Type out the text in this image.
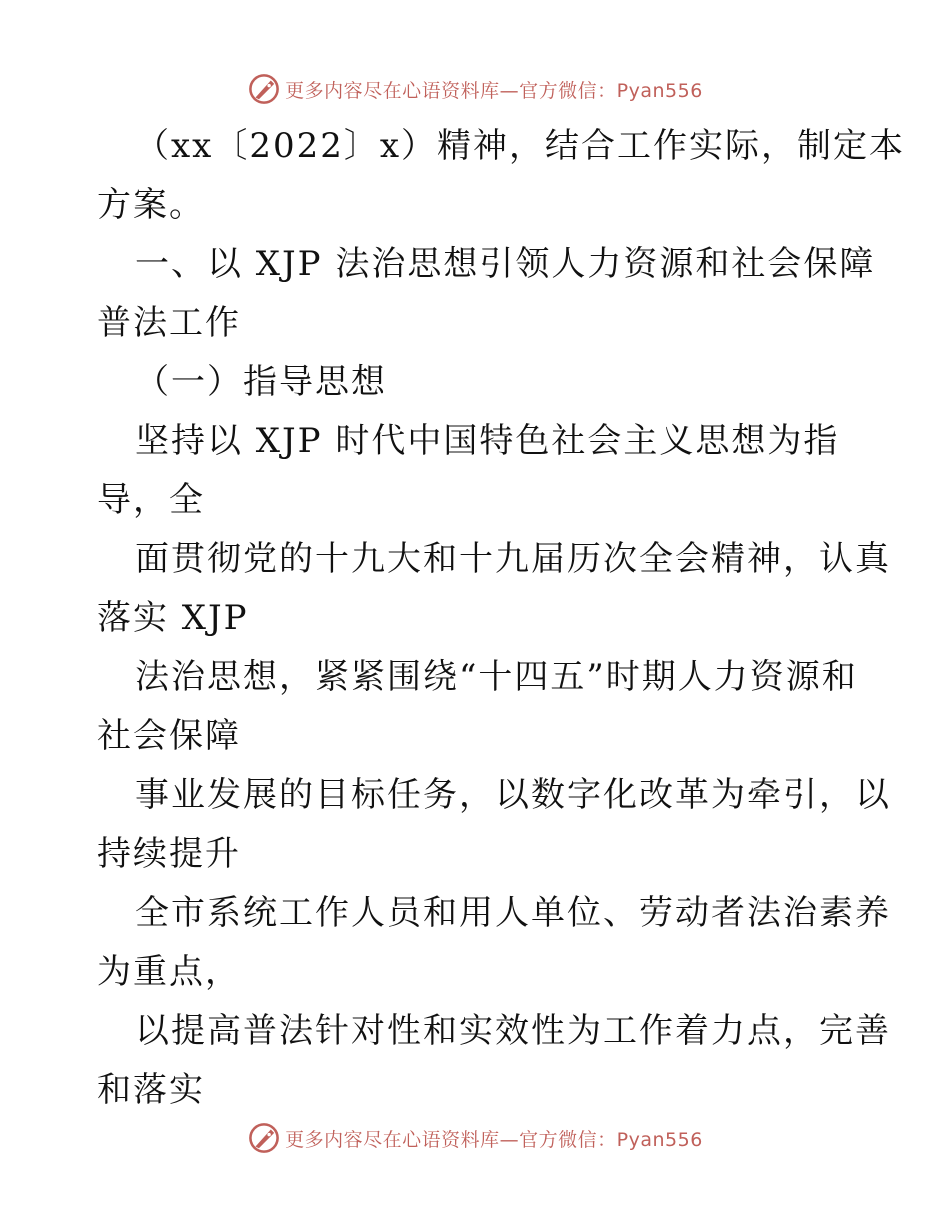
更多内容尽在心语资料库—官方微信：Pyan556
（xx〔2022〕x）精神，结合工作实际，制定本
方案。
一、以 XJP 法治思想引领人力资源和社会保障
普法工作
（一）指导思想
坚持以 XJP 时代中国特色社会主义思想为指
导，全
面贯彻党的十九大和十九届历次全会精神，认真
落实 XJP
法治思想，紧紧围绕“十四五”时期人力资源和
社会保障
事业发展的目标任务，以数字化改革为牵引，以
持续提升
全市系统工作人员和用人单位、劳动者法治素养
为重点，
以提高普法针对性和实效性为工作着力点，完善
和落实
更多内容尽在心语资料库—官方微信：Pyan556
